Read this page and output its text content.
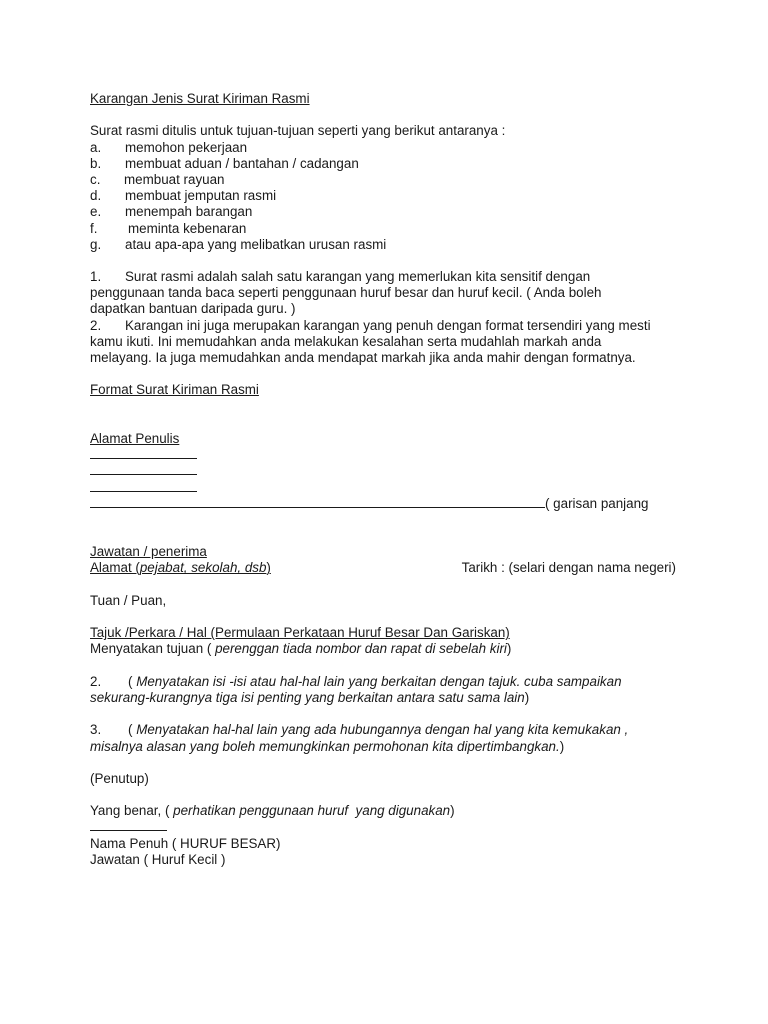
Karangan Jenis Surat Kiriman Rasmi
Surat rasmi ditulis untuk tujuan-tujuan seperti yang berikut antaranya :
a.	memohon pekerjaan
b.	membuat aduan / bantahan / cadangan
c.	membuat rayuan
d.	membuat jemputan rasmi
e.	menempah barangan
f.	meminta kebenaran
g.	atau apa-apa yang melibatkan urusan rasmi
1. Surat rasmi adalah salah satu karangan yang memerlukan kita sensitif dengan
penggunaan tanda baca seperti penggunaan huruf besar dan huruf kecil. ( Anda boleh
dapatkan bantuan daripada guru. )
2. Karangan ini juga merupakan karangan yang penuh dengan format tersendiri yang mesti
kamu ikuti. Ini memudahkan anda melakukan kesalahan serta mudahlah markah anda
melayang. Ia juga memudahkan anda mendapat markah jika anda mahir dengan formatnya.
Format Surat Kiriman Rasmi
Alamat Penulis
( garisan panjang
Jawatan / penerima
Alamat (pejabat, sekolah, dsb)	Tarikh : (selari dengan nama negeri)
Tuan / Puan,
Tajuk /Perkara / Hal (Permulaan Perkataan Huruf Besar Dan Gariskan)
Menyatakan tujuan ( perenggan tiada nombor dan rapat di sebelah kiri)
2. ( Menyatakan isi -isi atau hal-hal lain yang berkaitan dengan tajuk. cuba sampaikan
sekurang-kurangnya tiga isi penting yang berkaitan antara satu sama lain)
3. ( Menyatakan hal-hal lain yang ada hubungannya dengan hal yang kita kemukakan ,
misalnya alasan yang boleh memungkinkan permohonan kita dipertimbangkan.)
(Penutup)
Yang benar, ( perhatikan penggunaan huruf  yang digunakan)
Nama Penuh ( HURUF BESAR)
Jawatan ( Huruf Kecil )
